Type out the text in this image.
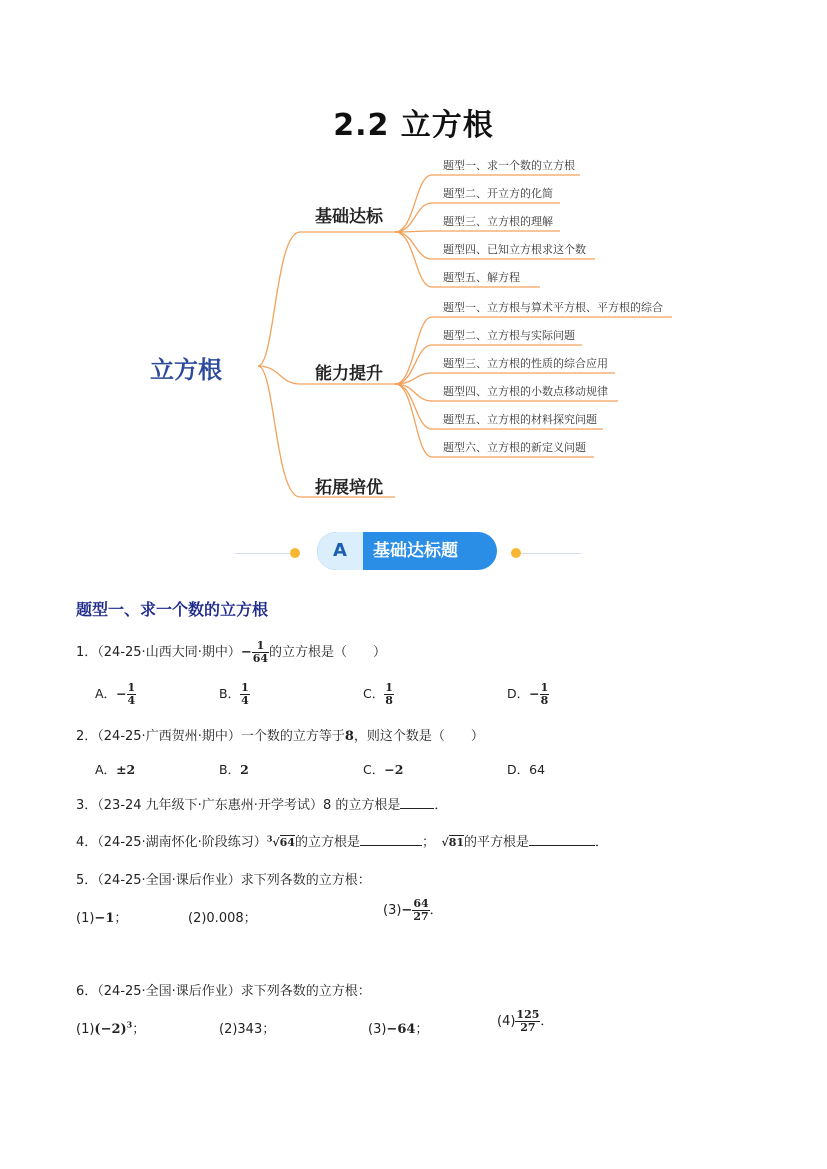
2.2 立方根
立方根
基础达标
能力提升
拓展培优
题型一、求一个数的立方根
题型二、开立方的化简
题型三、立方根的理解
题型四、已知立方根求这个数
题型五、解方程
题型一、立方根与算术平方根、平方根的综合
题型二、立方根与实际问题
题型三、立方根的性质的综合应用
题型四、立方根的小数点移动规律
题型五、立方根的材料探究问题
题型六、立方根的新定义问题
A	基础达标题
题型一、求一个数的立方根
1．（24-25·山西大同·期中）− $\frac{1}{64}$ 的立方根是（　　）
A．− $\frac{1}{4}$	B． $\frac{1}{4}$	C． $\frac{1}{8}$	D．− $\frac{1}{8}$
2．（24-25·广西贺州·期中）一个数的立方等于8，则这个数是（　　）
A．±2	B．2	C．−2	D．64
3．（23-24 九年级下·广东惠州·开学考试）8 的立方根是	．
4．（24-25·湖南怀化·阶段练习）$^3$√64的立方根是	；　 √81的平方根是	．
5．（24-25·全国·课后作业）求下列各数的立方根：
(1)−1；	(2)0.008；
$(3)- \frac{64}{27}$ ．
6．（24-25·全国·课后作业）求下列各数的立方根：
$(1)(-2)^3$；	(2)343；	(3)−64；
$(4) \frac{125}{27}$ ．
